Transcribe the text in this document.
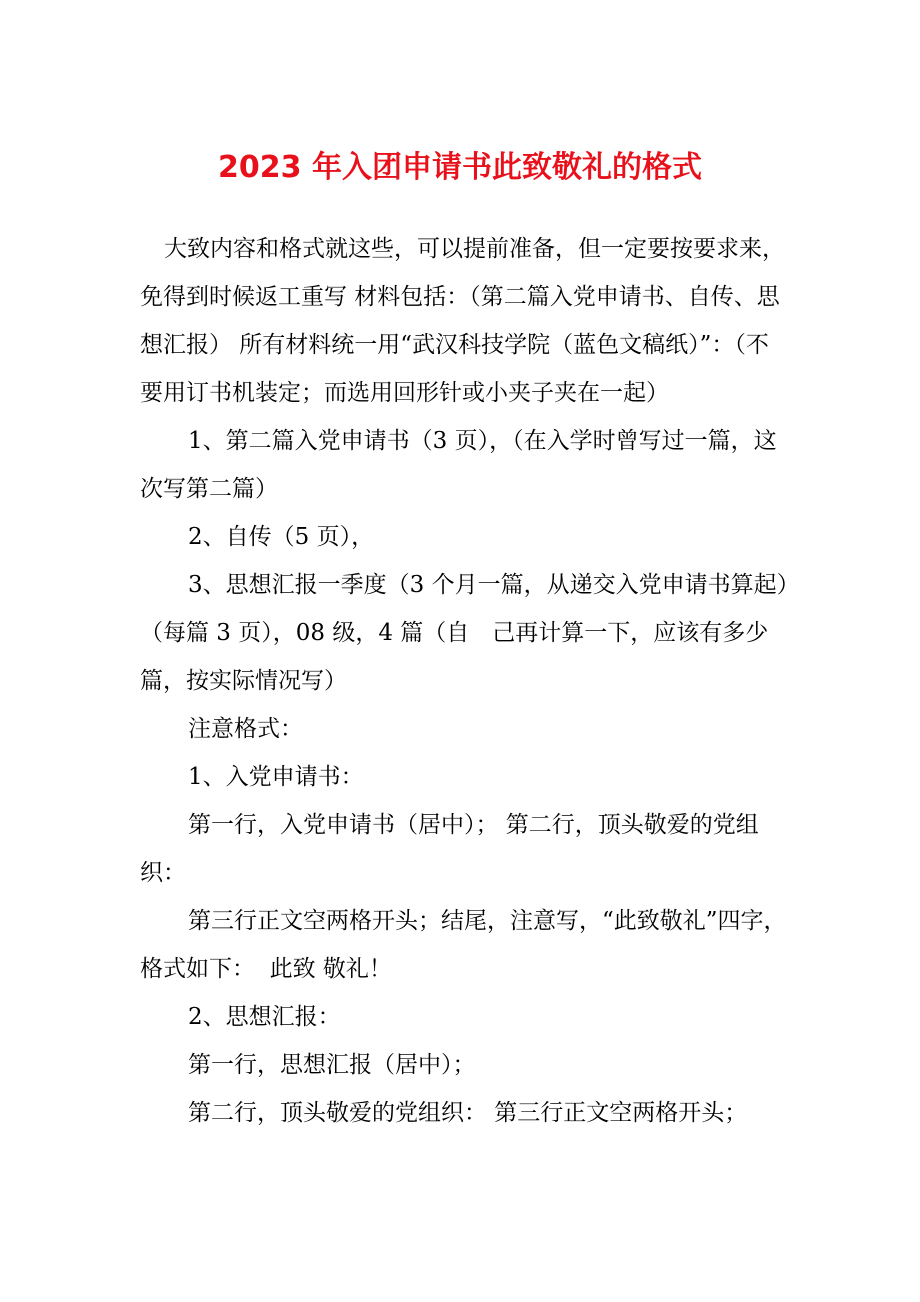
2023 年入团申请书此致敬礼的格式

大致内容和格式就这些，可以提前准备，但一定要按要求来，免得到时候返工重写 材料包括：（第二篇入党申请书、自传、思想汇报） 所有材料统一用“武汉科技学院（蓝色文稿纸）”：（不要用订书机装定；而选用回形针或小夹子夹在一起）

1、第二篇入党申请书（3 页），（在入学时曾写过一篇，这次写第二篇）

2、自传（5 页），

3、思想汇报一季度（3 个月一篇，从递交入党申请书算起）（每篇 3 页），08 级，4 篇（自　己再计算一下，应该有多少篇，按实际情况写）

注意格式：

1、入党申请书：

第一行，入党申请书（居中）； 第二行，顶头敬爱的党组织：

第三行正文空两格开头；结尾，注意写，“此致敬礼”四字，格式如下：  此致 敬礼！

2、思想汇报：

第一行，思想汇报（居中）；

第二行，顶头敬爱的党组织： 第三行正文空两格开头；
